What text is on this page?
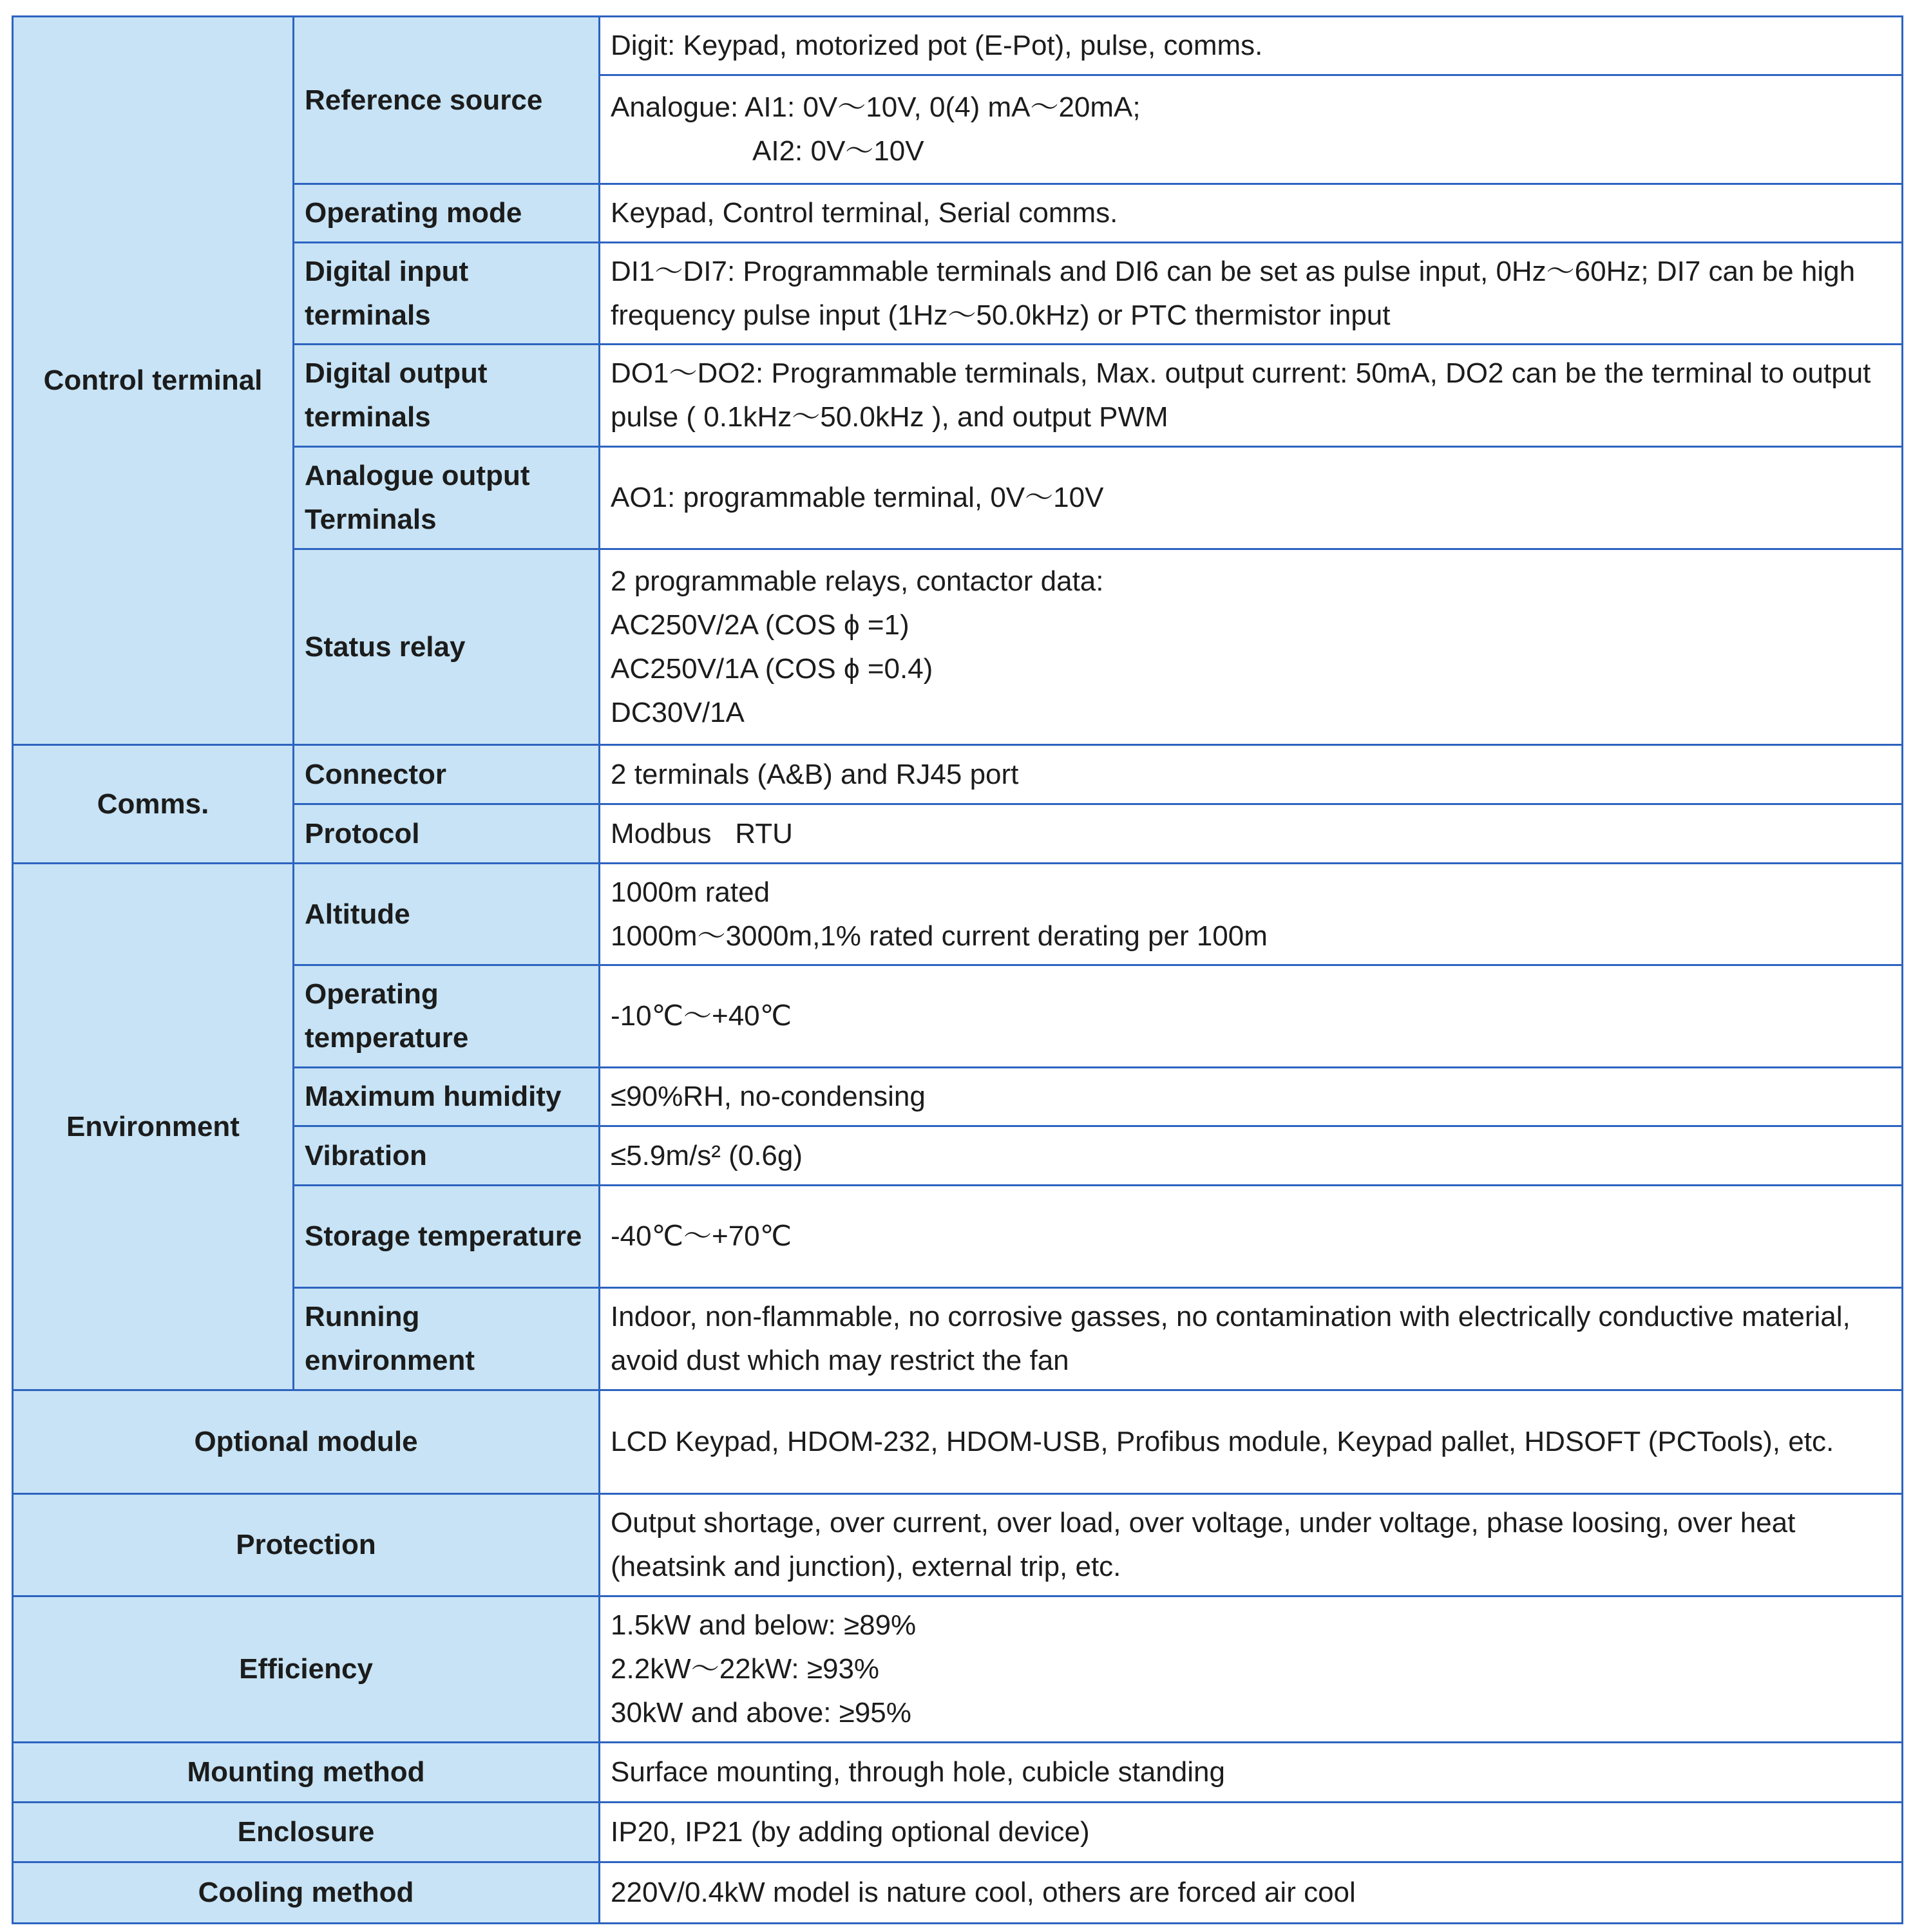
Control terminal	Reference source	Digit: Keypad, motorized pot (E-Pot), pulse, comms.

		Analogue: AI1: 0V～10V, 0(4) mA～20mA;
AI2: 0V～10V

	Operating mode	Keypad, Control terminal, Serial comms.
	Digital input terminals	DI1～DI7: Programmable terminals and DI6 can be set as pulse input, 0Hz～60Hz; DI7 can be high frequency pulse input (1Hz～50.0kHz) or PTC thermistor input
	Digital output terminals	DO1～DO2: Programmable terminals, Max. output current: 50mA, DO2 can be the terminal to output pulse ( 0.1kHz～50.0kHz ), and output PWM
	Analogue output Terminals	AO1: programmable terminal, 0V～10V
	Status relay	2 programmable relays, contactor data:
AC250V/2A (COS ϕ =1)
AC250V/1A (COS ϕ =0.4)
DC30V/1A

Comms.	Connector	2 terminals (A&B) and RJ45 port
	Protocol	Modbus   RTU
Environment	Altitude	1000m rated
1000m～3000m,1% rated current derating per 100m

	Operating temperature	-10℃～+40℃
	Maximum humidity	≤90%RH, no-condensing
	Vibration	≤5.9m/s² (0.6g)
	Storage temperature	-40℃～+70℃
	Running environment	Indoor, non-flammable, no corrosive gasses, no contamination with electrically conductive material, avoid dust which may restrict the fan
Optional module		LCD Keypad, HDOM-232, HDOM-USB, Profibus module, Keypad pallet, HDSOFT (PCTools), etc.
Protection		Output shortage, over current, over load, over voltage, under voltage, phase loosing, over heat (heatsink and junction), external trip, etc.
Efficiency		1.5kW and below: ≥89%
2.2kW～22kW: ≥93%
30kW and above: ≥95%

Mounting method		Surface mounting, through hole, cubicle standing
Enclosure		IP20, IP21 (by adding optional device)
Cooling method		220V/0.4kW model is nature cool, others are forced air cool
